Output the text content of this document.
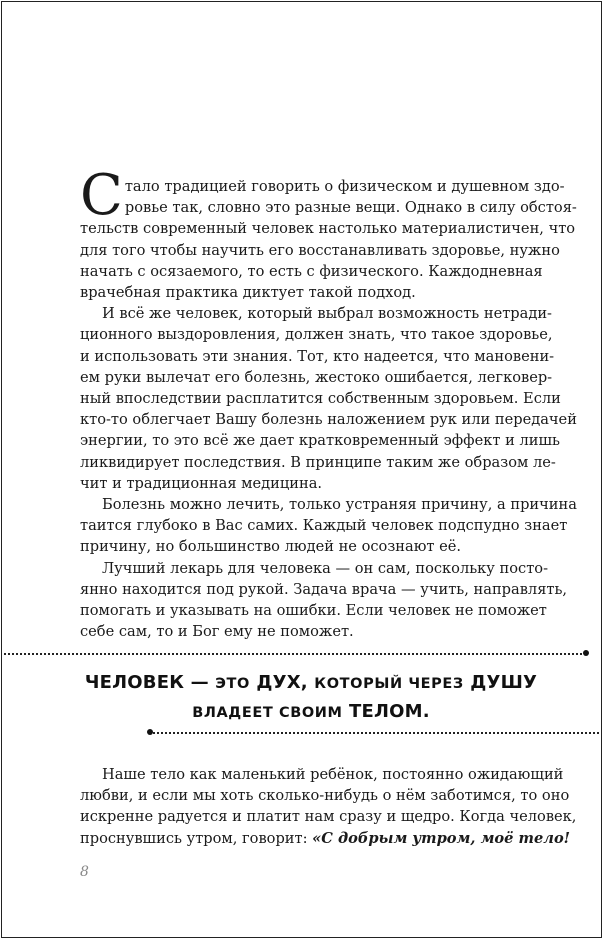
С тало традицией говорить о физическом и душевном здо-
ровье так, словно это разные вещи. Однако в силу обстоя-
тельств современный человек настолько материалистичен, что
для того чтобы научить его восстанавливать здоровье, нужно
начать с осязаемого, то есть с физического. Каждодневная
врачебная практика диктует такой подход.
И всё же человек, который выбрал возможность нетради-
ционного выздоровления, должен знать, что такое здоровье,
и использовать эти знания. Тот, кто надеется, что мановени-
ем руки вылечат его болезнь, жестоко ошибается, легковер-
ный впоследствии расплатится собственным здоровьем. Если
кто-то облегчает Вашу болезнь наложением рук или передачей
энергии, то это всё же дает кратковременный эффект и лишь
ликвидирует последствия. В принципе таким же образом ле-
чит и традиционная медицина.
Болезнь можно лечить, только устраняя причину, а причина
таится глубоко в Вас самих. Каждый человек подспудно знает
причину, но большинство людей не осознают её.
Лучший лекарь для человека — он сам, поскольку посто-
янно находится под рукой. Задача врача — учить, направлять,
помогать и указывать на ошибки. Если человек не поможет
себе сам, то и Бог ему не поможет.
ЧЕЛОВЕК — ЭТО ДУХ, КОТОРЫЙ ЧЕРЕЗ ДУШУ
ВЛАДЕЕТ СВОИМ ТЕЛОМ.
Наше тело как маленький ребёнок, постоянно ожидающий
любви, и если мы хоть сколько-нибудь о нём заботимся, то оно
искренне радуется и платит нам сразу и щедро. Когда человек,
проснувшись утром, говорит: «С добрым утром, моё тело!
8
